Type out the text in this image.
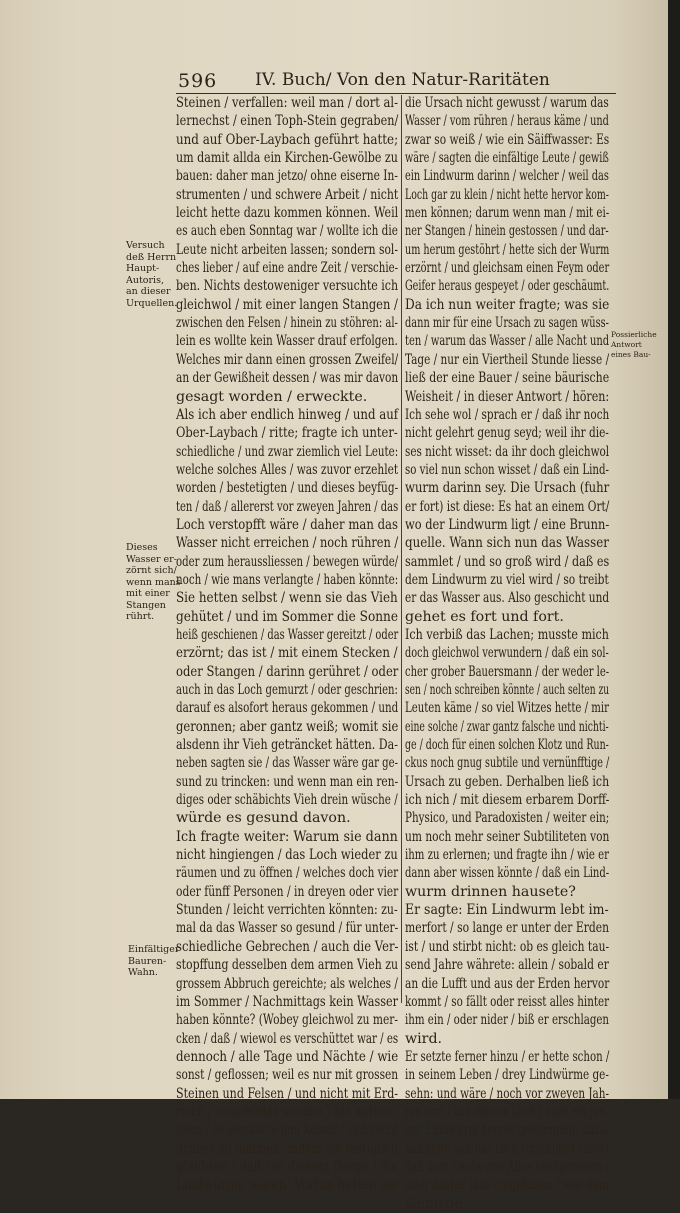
596 IV. Buch/ Von den Natur-Raritäten
Steinen / verfallen: weil man / dort al-
lernechst / einen Toph-Stein gegraben/
und auf Ober-Laybach geführt hatte;
um damit allda ein Kirchen-Gewölbe zu
bauen: daher man jetzo/ ohne eiserne In-
strumenten / und schwere Arbeit / nicht
leicht hette dazu kommen können. Weil
es auch eben Sonntag war / wollte ich die
Leute nicht arbeiten lassen; sondern sol-
ches lieber / auf eine andre Zeit / verschie-
ben. Nichts destoweniger versuchte ich
gleichwol / mit einer langen Stangen /
zwischen den Felsen / hinein zu stöhren: al-
lein es wollte kein Wasser drauf erfolgen.
Welches mir dann einen grossen Zweifel/
an der Gewißheit dessen / was mir davon
gesagt worden / erweckte.
Als ich aber endlich hinweg / und auf
Ober-Laybach / ritte; fragte ich unter-
schiedliche / und zwar ziemlich viel Leute:
welche solches Alles / was zuvor erzehlet
worden / bestetigten / und dieses beyfüg-
ten / daß / allererst vor zweyen Jahren / das
Loch verstopfft wäre / daher man das
Wasser nicht erreichen / noch rühren /
oder zum heraussliessen / bewegen würde/
noch / wie mans verlangte / haben könnte:
Sie hetten selbst / wenn sie das Vieh
gehütet / und im Sommer die Sonne
heiß geschienen / das Wasser gereitzt / oder
erzörnt; das ist / mit einem Stecken /
oder Stangen / darinn gerühret / oder
auch in das Loch gemurzt / oder geschrien:
darauf es alsofort heraus gekommen / und
geronnen; aber gantz weiß; womit sie
alsdenn ihr Vieh geträncket hätten. Da-
neben sagten sie / das Wasser wäre gar ge-
sund zu trincken: und wenn man ein ren-
diges oder schäbichts Vieh drein wüsche /
würde es gesund davon.
Ich fragte weiter: Warum sie dann
nicht hingiengen / das Loch wieder zu
räumen und zu öffnen / welches doch vier
oder fünff Personen / in dreyen oder vier
Stunden / leicht verrichten könnten: zu-
mal da das Wasser so gesund / für unter-
schiedliche Gebrechen / auch die Ver-
stopffung desselben dem armen Vieh zu
grossem Abbruch gereichte; als welches /
im Sommer / Nachmittags kein Wasser
haben könnte? (Wobey gleichwol zu mer-
cken / daß / wiewol es verschüttet war / es
dennoch / alle Tage und Nächte / wie
sonst / geflossen; weil es nur mit grossen
Steinen und Felsen / und nicht mit Erd-
reich / verschüttet worden.) Sie antwor-
teten / es getrauete ihm Keiner / sich recht
drüber zu machen: indem sie festiglich
glaubten / daß / in diesem Berge / die
Lindwürme wären: Vorhin hetten sie
die Ursach nicht gewusst / warum das
Wasser / vom rühren / heraus käme / und
zwar so weiß / wie ein Säiffwasser: Es
wäre / sagten die einfältige Leute / gewiß
ein Lindwurm darinn / welcher / weil das
Loch gar zu klein / nicht hette hervor kom-
men können; darum wenn man / mit ei-
ner Stangen / hinein gestossen / und dar-
um herum gestöhrt / hette sich der Wurm
erzörnt / und gleichsam einen Feym oder
Geifer heraus gespeyet / oder geschäumt.
Da ich nun weiter fragte; was sie
dann mir für eine Ursach zu sagen wüss-
ten / warum das Wasser / alle Nacht und
Tage / nur ein Viertheil Stunde liesse /
ließ der eine Bauer / seine bäurische
Weisheit / in dieser Antwort / hören:
Ich sehe wol / sprach er / daß ihr noch
nicht gelehrt genug seyd; weil ihr die-
ses nicht wisset: da ihr doch gleichwol
so viel nun schon wisset / daß ein Lind-
wurm darinn sey. Die Ursach (fuhr
er fort) ist diese: Es hat an einem Ort/
wo der Lindwurm ligt / eine Brunn-
quelle. Wann sich nun das Wasser
sammlet / und so groß wird / daß es
dem Lindwurm zu viel wird / so treibt
er das Wasser aus. Also geschicht und
gehet es fort und fort.
Ich verbiß das Lachen; musste mich
doch gleichwol verwundern / daß ein sol-
cher grober Bauersmann / der weder le-
sen / noch schreiben könnte / auch selten zu
Leuten käme / so viel Witzes hette / mir
eine solche / zwar gantz falsche und nichti-
ge / doch für einen solchen Klotz und Run-
ckus noch gnug subtile und vernünfftige /
Ursach zu geben. Derhalben ließ ich
ich nich / mit diesem erbarem Dorff-
Physico, und Paradoxisten / weiter ein;
um noch mehr seiner Subtiliteten von
ihm zu erlernen; und fragte ihn / wie er
dann aber wissen könnte / daß ein Lind-
wurm drinnen hausete?
Er sagte: Ein Lindwurm lebt im-
merfort / so lange er unter der Erden
ist / und stirbt nicht: ob es gleich tau-
send Jahre währete: allein / sobald er
an die Lufft und aus der Erden hervor
kommt / so fällt oder reisst alles hinter
ihm ein / oder nider / biß er erschlagen
wird.
Er setzte ferner hinzu / er hette schon /
in seinem Leben / drey Lindwürme ge-
sehn: und wäre / noch vor zweyen Jah-
ren erst / aus diesem Loch / auch ein jun-
ger Lindwurm hervor gekommen: dazu-
mal hette sich das Loch verschüttet / also /
daß dem Lindwurm Alles nachgerissen /
oder hinter ihm eingefallen / von dem
Gebirge
Versuch
deß Herrn
Haupt-
Autoris,
an dieser
Urquellen.
Dieses
Wasser er-
zörnt sich/
wenn mans
mit einer
Stangen
rührt.
Einfältiger
Bauren-
Wahn.
Possierliche
Antwort
eines Bau-
